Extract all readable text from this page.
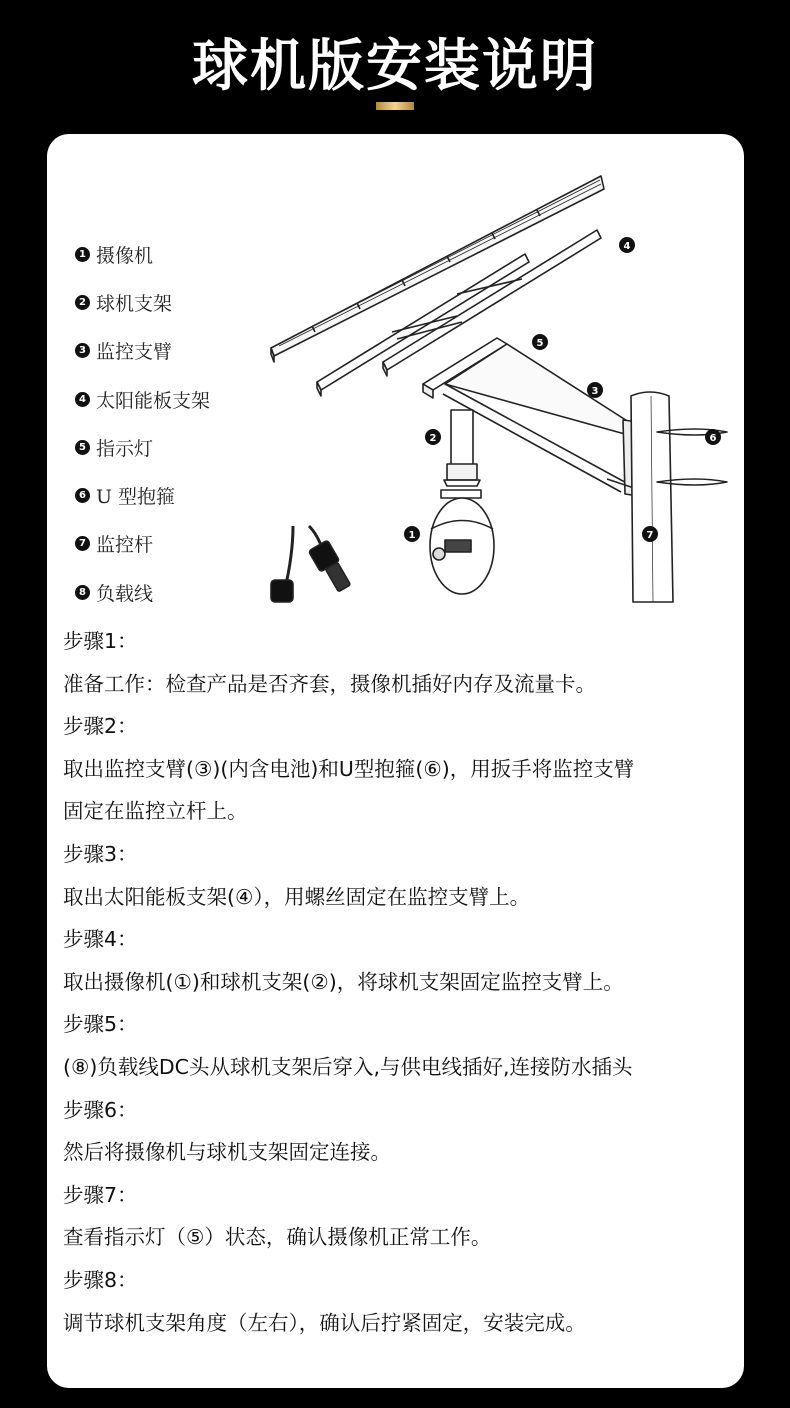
球机版安装说明
4
5
3
2	6
1	7
1 摄像机
2 球机支架
3 监控支臂
4 太阳能板支架
5 指示灯
6 U 型抱箍
7 监控杆
8 负载线
步骤1：
准备工作：检查产品是否齐套，摄像机插好内存及流量卡。
步骤2：
取出监控支臂(③)(内含电池)和U型抱箍(⑥)，用扳手将监控支臂
固定在监控立杆上。
步骤3：
取出太阳能板支架(④），用螺丝固定在监控支臂上。
步骤4：
取出摄像机(①)和球机支架(②)，将球机支架固定监控支臂上。
步骤5：
(⑧)负载线DC头从球机支架后穿入,与供电线插好,连接防水插头
步骤6：
然后将摄像机与球机支架固定连接。
步骤7：
查看指示灯（⑤）状态，确认摄像机正常工作。
步骤8：
调节球机支架角度（左右），确认后拧紧固定，安装完成。
